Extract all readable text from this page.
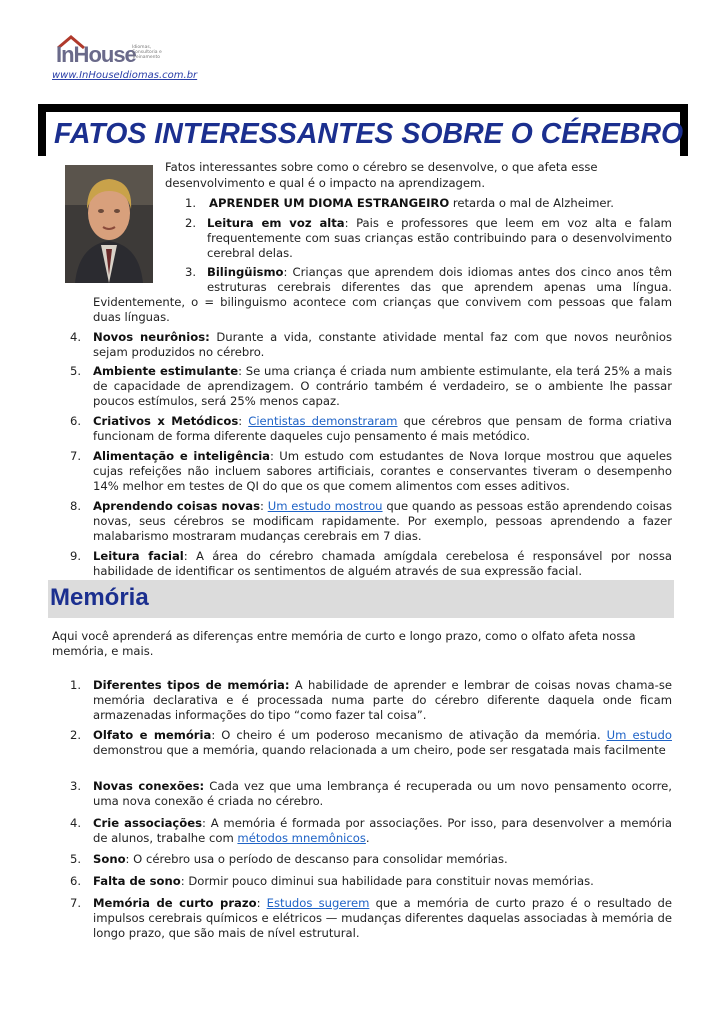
InHouse
Idiomas, Consultoria e Treinamento
www.InHouseIdiomas.com.br
FATOS INTERESSANTES SOBRE O CÉREBRO
Fatos interessantes sobre como o cérebro se desenvolve, o que afeta esse
desenvolvimento e qual é o impacto na aprendizagem.
1. APRENDER UM DIOMA ESTRANGEIRO retarda o mal de Alzheimer.
2. Leitura em voz alta: Pais e professores que leem em voz alta e falam frequentemente com suas crianças estão contribuindo para o desenvolvimento cerebral delas.
3. Bilingüismo: Crianças que aprendem dois idiomas antes dos cinco anos têm estruturas cerebrais diferentes das que aprendem apenas uma língua.
Evidentemente, o = bilinguismo acontece com crianças que convivem com pessoas que falam duas línguas.
4. Novos neurônios: Durante a vida, constante atividade mental faz com que novos neurônios sejam produzidos no cérebro.
5. Ambiente estimulante: Se uma criança é criada num ambiente estimulante, ela terá 25% a mais de capacidade de aprendizagem. O contrário também é verdadeiro, se o ambiente lhe passar poucos estímulos, será 25% menos capaz.
6. Criativos x Metódicos: Cientistas demonstraram que cérebros que pensam de forma criativa funcionam de forma diferente daqueles cujo pensamento é mais metódico.
7. Alimentação e inteligência: Um estudo com estudantes de Nova Iorque mostrou que aqueles cujas refeições não incluem sabores artificiais, corantes e conservantes tiveram o desempenho 14% melhor em testes de QI do que os que comem alimentos com esses aditivos.
8. Aprendendo coisas novas: Um estudo mostrou que quando as pessoas estão aprendendo coisas novas, seus cérebros se modificam rapidamente. Por exemplo, pessoas aprendendo a fazer malabarismo mostraram mudanças cerebrais em 7 dias.
9. Leitura facial: A área do cérebro chamada amígdala cerebelosa é responsável por nossa habilidade de identificar os sentimentos de alguém através de sua expressão facial.
Memória
Aqui você aprenderá as diferenças entre memória de curto e longo prazo, como o olfato afeta nossa memória, e mais.
1. Diferentes tipos de memória: A habilidade de aprender e lembrar de coisas novas chama-se memória declarativa e é processada numa parte do cérebro diferente daquela onde ficam armazenadas informações do tipo “como fazer tal coisa”.
2. Olfato e memória: O cheiro é um poderoso mecanismo de ativação da memória. Um estudo demonstrou que a memória, quando relacionada a um cheiro, pode ser resgatada mais facilmente
3. Novas conexões: Cada vez que uma lembrança é recuperada ou um novo pensamento ocorre, uma nova conexão é criada no cérebro.
4. Crie associações: A memória é formada por associações. Por isso, para desenvolver a memória de alunos, trabalhe com métodos mnemônicos.
5. Sono: O cérebro usa o período de descanso para consolidar memórias.
6. Falta de sono: Dormir pouco diminui sua habilidade para constituir novas memórias.
7. Memória de curto prazo: Estudos sugerem que a memória de curto prazo é o resultado de impulsos cerebrais químicos e elétricos — mudanças diferentes daquelas associadas à memória de longo prazo, que são mais de nível estrutural.
